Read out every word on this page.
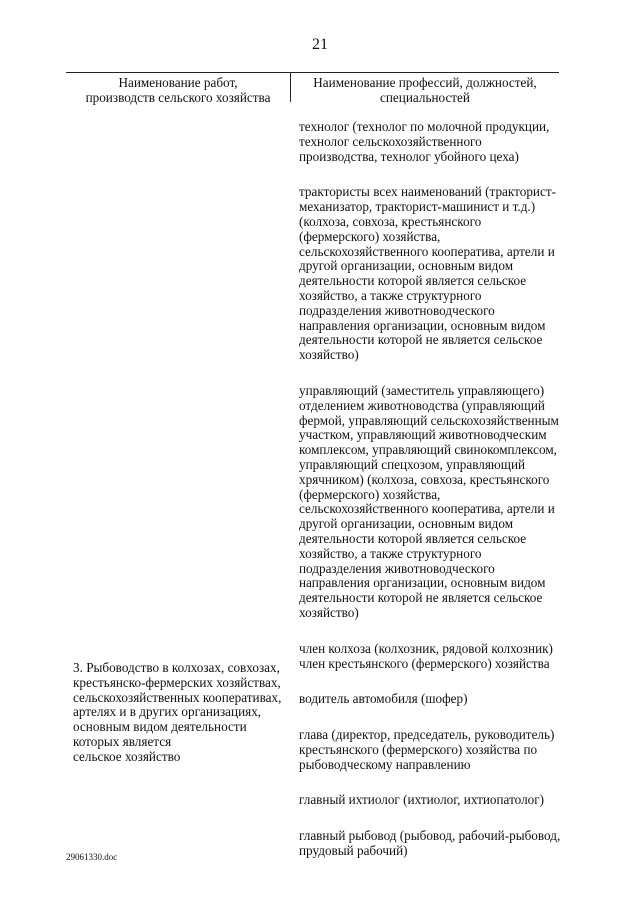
21
Наименование работ,
производств сельского хозяйства
Наименование профессий, должностей,
специальностей
технолог (технолог по молочной продукции,
технолог сельскохозяйственного
производства, технолог убойного цеха)
трактористы всех наименований (тракторист-
механизатор, тракторист-машинист и т.д.)
(колхоза, совхоза, крестьянского
(фермерского) хозяйства,
сельскохозяйственного кооператива, артели и
другой организации, основным видом
деятельности которой является сельское
хозяйство, а также структурного
подразделения животноводческого
направления организации, основным видом
деятельности которой не является сельское
хозяйство)
управляющий (заместитель управляющего)
отделением животноводства (управляющий
фермой, управляющий сельскохозяйственным
участком, управляющий животноводческим
комплексом, управляющий свинокомплексом,
управляющий спецхозом, управляющий
хрячником) (колхоза, совхоза, крестьянского
(фермерского) хозяйства,
сельскохозяйственного кооператива, артели и
другой организации, основным видом
деятельности которой является сельское
хозяйство, а также структурного
подразделения животноводческого
направления организации, основным видом
деятельности которой не является сельское
хозяйство)
член колхоза (колхозник, рядовой колхозник)
член крестьянского (фермерского) хозяйства
водитель автомобиля (шофер)
глава (директор, председатель, руководитель)
крестьянского (фермерского) хозяйства по
рыбоводческому направлению
главный ихтиолог (ихтиолог, ихтиопатолог)
главный рыбовод (рыбовод, рабочий-рыбовод,
прудовый рабочий)
3. Рыбоводство в колхозах, совхозах,
крестьянско-фермерских хозяйствах,
сельскохозяйственных кооперативах,
артелях и в других организациях,
основным видом деятельности
которых является
сельское хозяйство
29061330.doc
